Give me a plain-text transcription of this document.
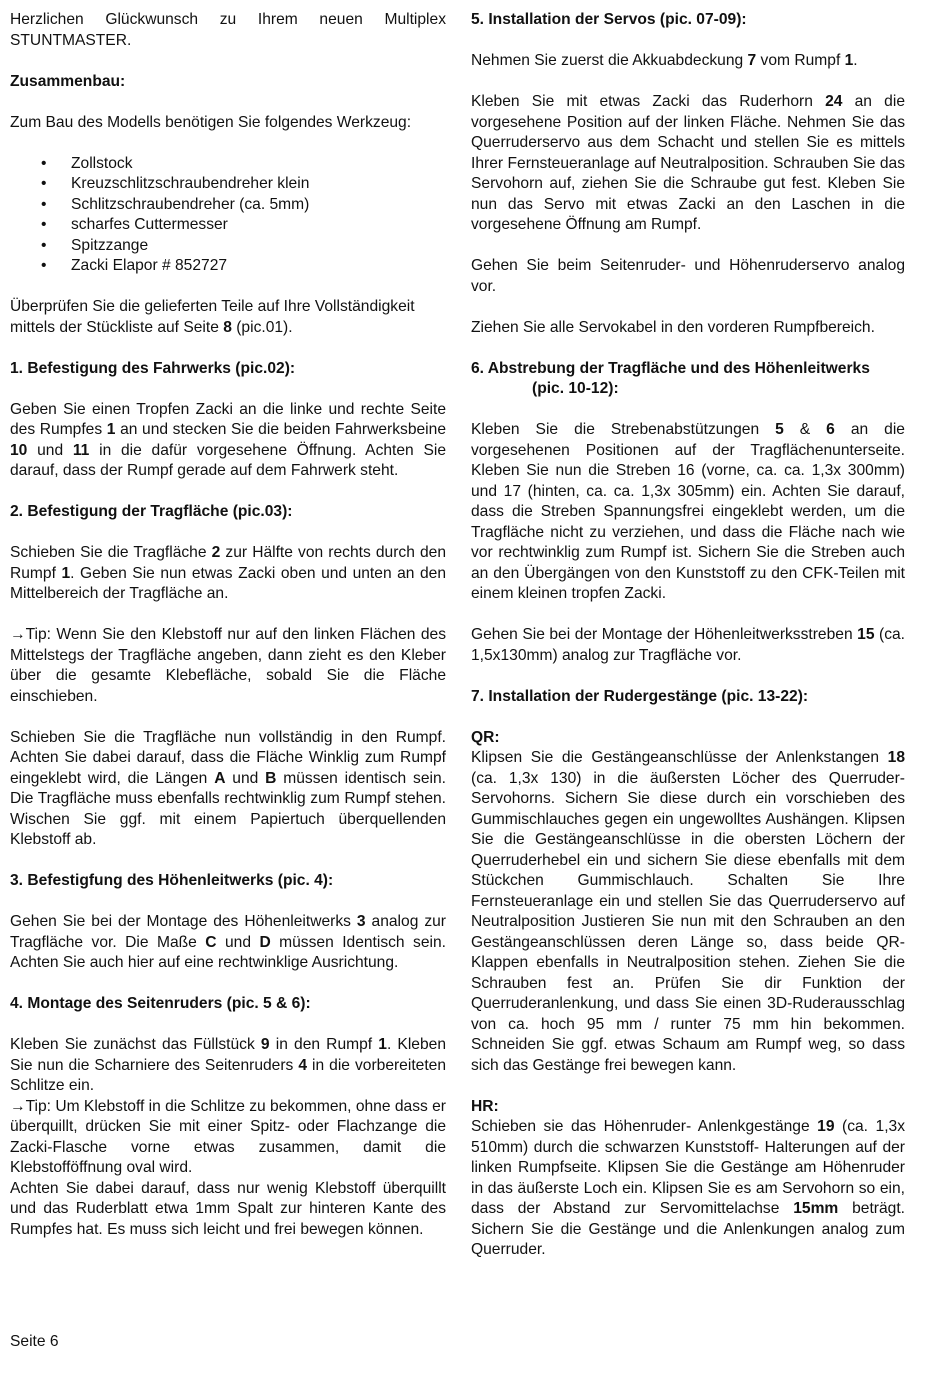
Herzlichen Glückwunsch zu Ihrem neuen Multiplex STUNTMASTER.

Zusammenbau:

Zum Bau des Modells benötigen Sie folgendes Werkzeug:

• Zollstock
• Kreuzschlitzschraubendreher klein
• Schlitzschraubendreher (ca. 5mm)
• scharfes Cuttermesser
• Spitzzange
• Zacki Elapor # 852727

Überprüfen Sie die gelieferten Teile auf Ihre Vollständigkeit mittels der Stückliste auf Seite 8 (pic.01).

1. Befestigung des Fahrwerks (pic.02):

Geben Sie einen Tropfen Zacki an die linke und rechte Seite des Rumpfes 1 an und stecken Sie die beiden Fahrwerksbeine 10 und 11 in die dafür vorgesehene Öffnung. Achten Sie darauf, dass der Rumpf gerade auf dem Fahrwerk steht.

2. Befestigung der Tragfläche (pic.03):

Schieben Sie die Tragfläche 2 zur Hälfte von rechts durch den Rumpf 1. Geben Sie nun etwas Zacki oben und unten an den Mittelbereich der Tragfläche an.

→Tip: Wenn Sie den Klebstoff nur auf den linken Flächen des Mittelstegs der Tragfläche angeben, dann zieht es den Kleber über die gesamte Klebefläche, sobald Sie die Fläche einschieben.

Schieben Sie die Tragfläche nun vollständig in den Rumpf. Achten Sie dabei darauf, dass die Fläche Winklig zum Rumpf eingeklebt wird, die Längen A und B müssen identisch sein. Die Tragfläche muss ebenfalls rechtwinklig zum Rumpf stehen. Wischen Sie ggf. mit einem Papiertuch überquellenden Klebstoff ab.

3. Befestigfung des Höhenleitwerks (pic. 4):

Gehen Sie bei der Montage des Höhenleitwerks 3 analog zur Tragfläche vor. Die Maße C und D müssen Identisch sein. Achten Sie auch hier auf eine rechtwinklige Ausrichtung.

4. Montage des Seitenruders (pic. 5 & 6):

Kleben Sie zunächst das Füllstück 9 in den Rumpf 1. Kleben Sie nun die Scharniere des Seitenruders 4 in die vorbereiteten Schlitze ein.

→Tip: Um Klebstoff in die Schlitze zu bekommen, ohne dass er überquillt, drücken Sie mit einer Spitz- oder Flachzange die Zacki-Flasche vorne etwas zusammen, damit die Klebstofföffnung oval wird.

Achten Sie dabei darauf, dass nur wenig Klebstoff überquillt und das Ruderblatt etwa 1mm Spalt zur hinteren Kante des Rumpfes hat. Es muss sich leicht und frei bewegen können.

5. Installation der Servos (pic. 07-09):

Nehmen Sie zuerst die Akkuabdeckung 7 vom Rumpf 1.

Kleben Sie mit etwas Zacki das Ruderhorn 24 an die vorgesehene Position auf der linken Fläche. Nehmen Sie das Querruderservo aus dem Schacht und stellen Sie es mittels Ihrer Fernsteueranlage auf Neutralposition. Schrauben Sie das Servohorn auf, ziehen Sie die Schraube gut fest. Kleben Sie nun das Servo mit etwas Zacki an den Laschen in die vorgesehene Öffnung am Rumpf.

Gehen Sie beim Seitenruder- und Höhenruderservo analog vor.

Ziehen Sie alle Servokabel in den vorderen Rumpfbereich.

6. Abstrebung der Tragfläche und des Höhenleitwerks
(pic. 10-12):

Kleben Sie die Strebenabstützungen 5 & 6 an die vorgesehenen Positionen auf der Tragflächenunterseite. Kleben Sie nun die Streben 16 (vorne, ca. ca. 1,3x 300mm) und 17 (hinten, ca. ca. 1,3x 305mm) ein. Achten Sie darauf, dass die Streben Spannungsfrei eingeklebt werden, um die Tragfläche nicht zu verziehen, und dass die Fläche nach wie vor rechtwinklig zum Rumpf ist. Sichern Sie die Streben auch an den Übergängen von den Kunststoff zu den CFK-Teilen mit einem kleinen tropfen Zacki.

Gehen Sie bei der Montage der Höhenleitwerksstreben 15 (ca. 1,5x130mm) analog zur Tragfläche vor.

7. Installation der Rudergestänge (pic. 13-22):
QR:

Klipsen Sie die Gestängeanschlüsse der Anlenkstangen 18 (ca. 1,3x 130) in die äußersten Löcher des Querruder-Servohorns. Sichern Sie diese durch ein vorschieben des Gummischlauches gegen ein ungewolltes Aushängen. Klipsen Sie die Gestängeanschlüsse in die obersten Löchern der Querruderhebel ein und sichern Sie diese ebenfalls mit dem Stückchen Gummischlauch. Schalten Sie Ihre Fernsteueranlage ein und stellen Sie das Querruderservo auf Neutralposition Justieren Sie nun mit den Schrauben an den Gestängeanschlüssen deren Länge so, dass beide QR-Klappen ebenfalls in Neutralposition stehen. Ziehen Sie die Schrauben fest an. Prüfen Sie dir Funktion der Querruderanlenkung, und dass Sie einen 3D-Ruderausschlag von ca. hoch 95 mm / runter 75 mm hin bekommen. Schneiden Sie ggf. etwas Schaum am Rumpf weg, so dass sich das Gestänge frei bewegen kann.

HR:

Schieben sie das Höhenruder- Anlenkgestänge 19 (ca. 1,3x 510mm) durch die schwarzen Kunststoff- Halterungen auf der linken Rumpfseite. Klipsen Sie die Gestänge am Höhenruder in das äußerste Loch ein. Klipsen Sie es am Servohorn so ein, dass der Abstand zur Servomittelachse 15mm beträgt. Sichern Sie die Gestänge und die Anlenkungen analog zum Querruder.

Seite 6
